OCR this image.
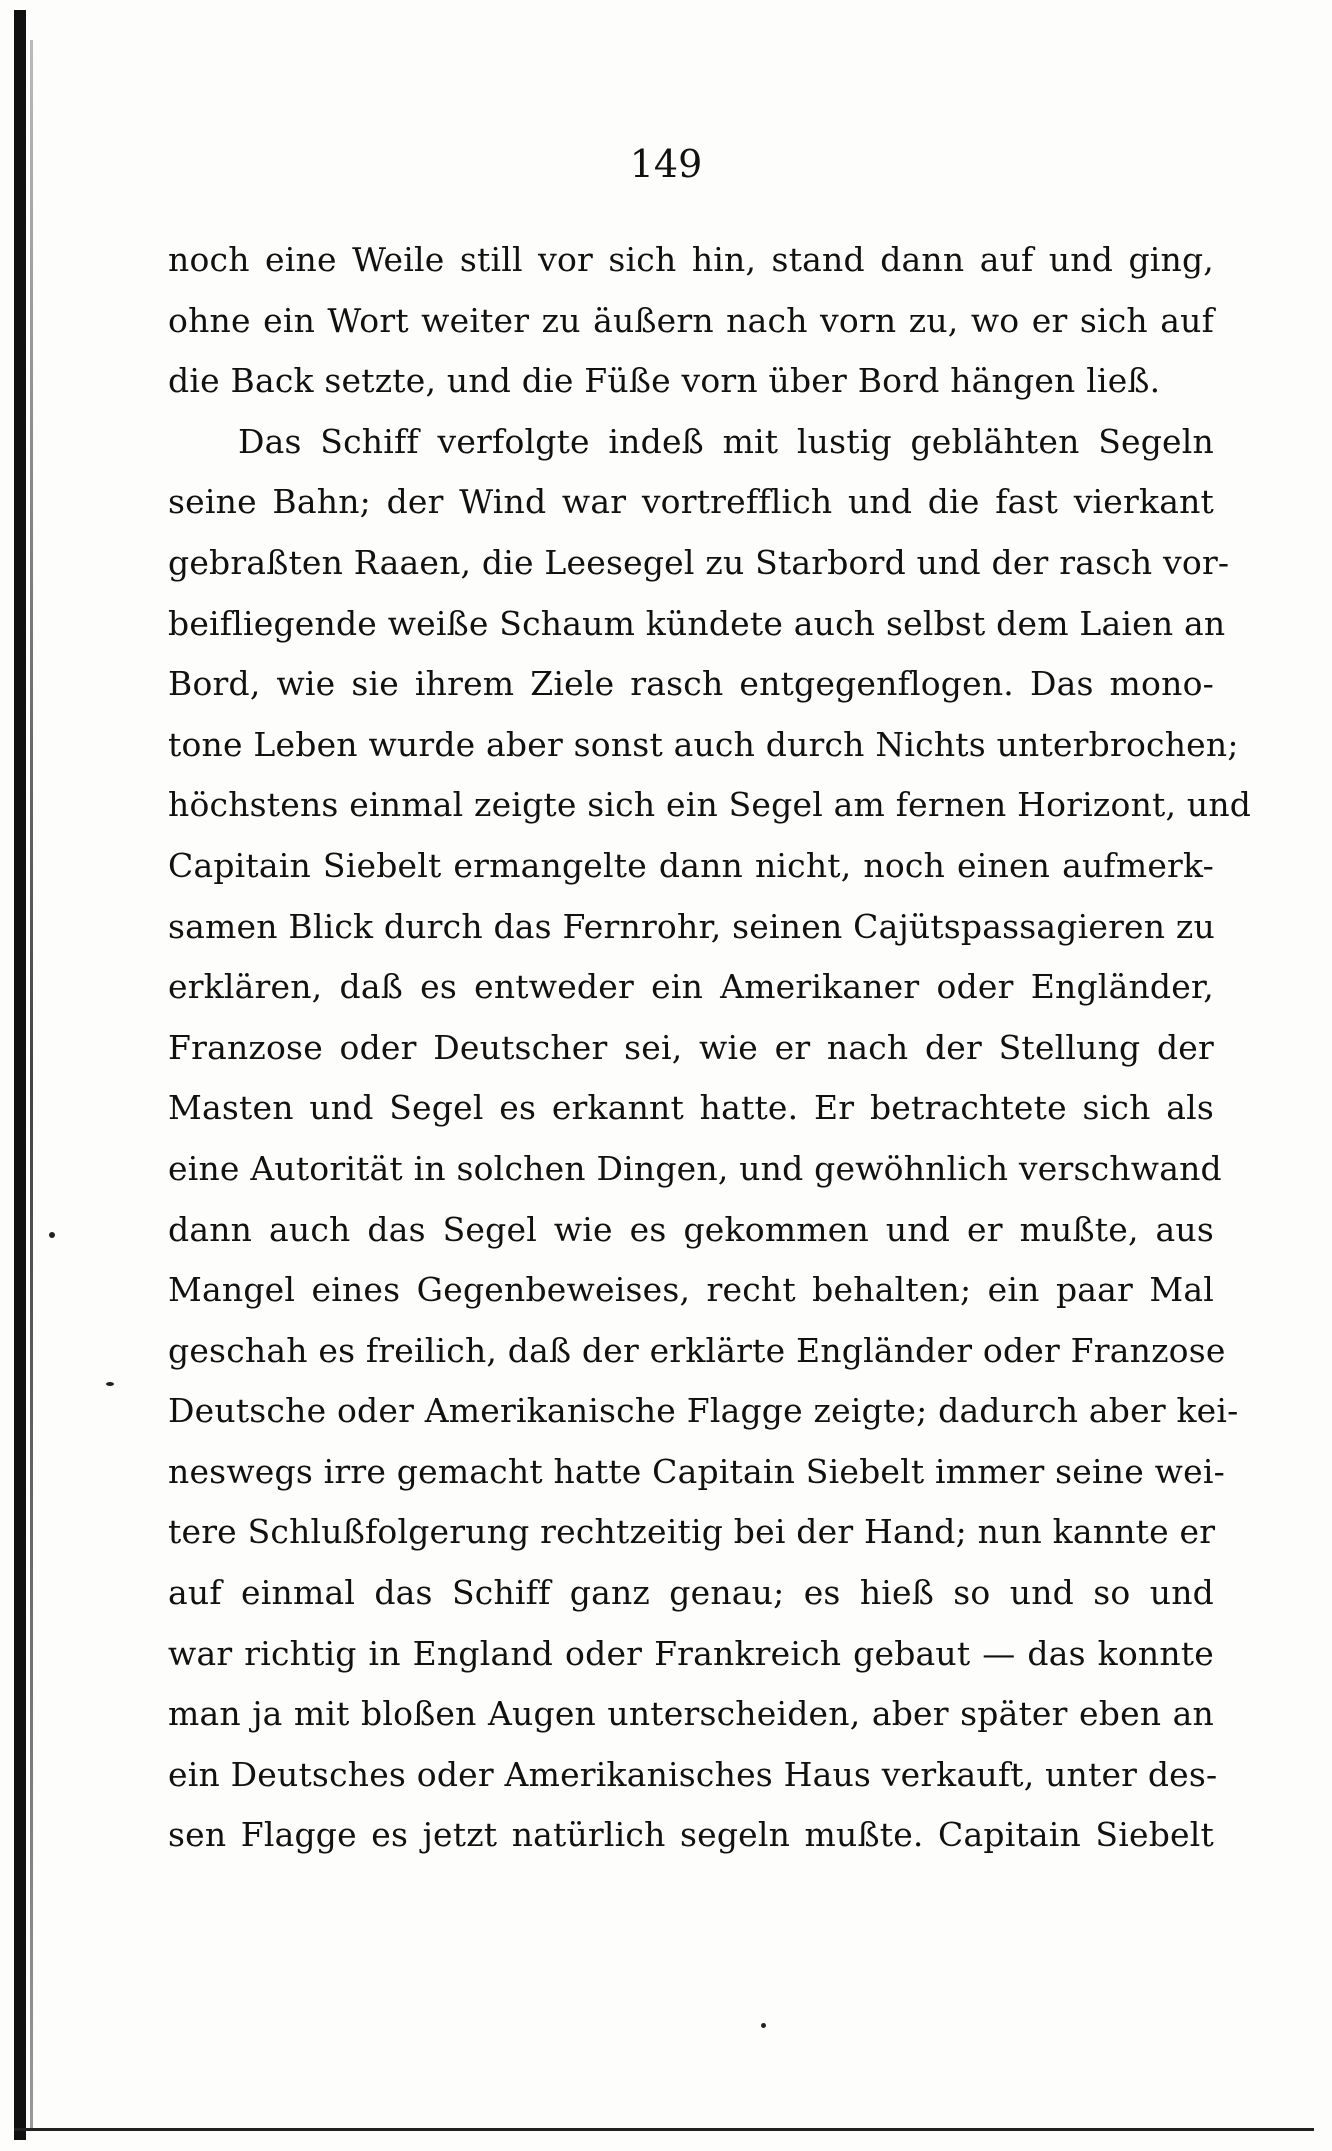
149
noch eine Weile still vor sich hin, stand dann auf und ging,
ohne ein Wort weiter zu äußern nach vorn zu, wo er sich auf
die Back setzte, und die Füße vorn über Bord hängen ließ.
Das Schiff verfolgte indeß mit lustig geblähten Segeln
seine Bahn; der Wind war vortrefflich und die fast vierkant
gebraßten Raaen, die Leesegel zu Starbord und der rasch vor-
beifliegende weiße Schaum kündete auch selbst dem Laien an
Bord, wie sie ihrem Ziele rasch entgegenflogen. Das mono-
tone Leben wurde aber sonst auch durch Nichts unterbrochen;
höchstens einmal zeigte sich ein Segel am fernen Horizont, und
Capitain Siebelt ermangelte dann nicht, noch einen aufmerk-
samen Blick durch das Fernrohr, seinen Cajütspassagieren zu
erklären, daß es entweder ein Amerikaner oder Engländer,
Franzose oder Deutscher sei, wie er nach der Stellung der
Masten und Segel es erkannt hatte. Er betrachtete sich als
eine Autorität in solchen Dingen, und gewöhnlich verschwand
dann auch das Segel wie es gekommen und er mußte, aus
Mangel eines Gegenbeweises, recht behalten; ein paar Mal
geschah es freilich, daß der erklärte Engländer oder Franzose
Deutsche oder Amerikanische Flagge zeigte; dadurch aber kei-
neswegs irre gemacht hatte Capitain Siebelt immer seine wei-
tere Schlußfolgerung rechtzeitig bei der Hand; nun kannte er
auf einmal das Schiff ganz genau; es hieß so und so und
war richtig in England oder Frankreich gebaut — das konnte
man ja mit bloßen Augen unterscheiden, aber später eben an
ein Deutsches oder Amerikanisches Haus verkauft, unter des-
sen Flagge es jetzt natürlich segeln mußte. Capitain Siebelt
